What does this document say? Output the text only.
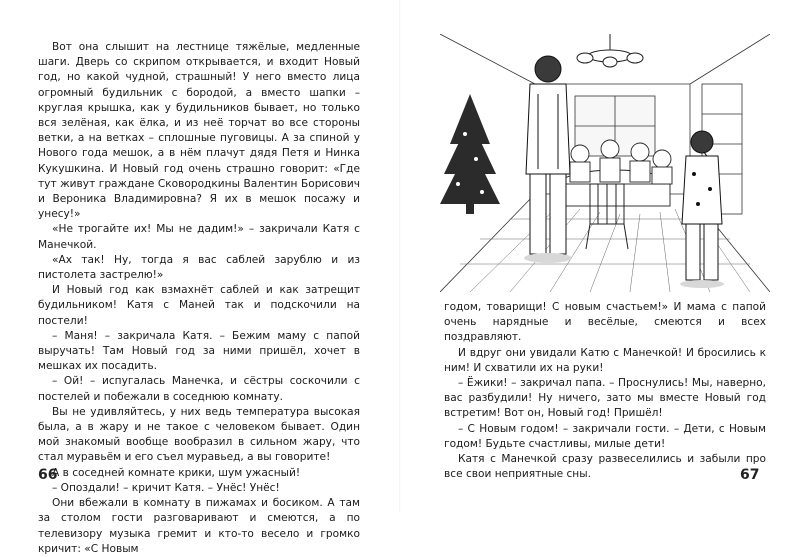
Вот она слышит на лестнице тяжёлые, медленные шаги. Дверь со скрипом открывается, и входит Новый год, но какой чудной, страшный! У него вместо лица огромный будильник с бородой, а вместо шапки – круглая крышка, как у будильников бывает, но только вся зелёная, как ёлка, и из неё торчат во все стороны ветки, а на ветках – сплошные пуговицы. А за спиной у Нового года мешок, а в нём плачут дядя Петя и Нинка Кукушкина. И Новый год очень страшно говорит: «Где тут живут граждане Сковородкины Валентин Борисович и Вероника Владимировна? Я их в мешок посажу и унесу!»

«Не трогайте их! Мы не дадим!» – закричали Катя с Манечкой.

«Ах так! Ну, тогда я вас саблей зарублю и из пистолета застрелю!»

И Новый год как взмахнёт саблей и как затрещит будильником! Катя с Маней так и подскочили на постели!

– Маня! – закричала Катя. – Бежим маму с папой выручать! Там Новый год за ними пришёл, хочет в мешках их посадить.

– Ой! – испугалась Манечка, и сёстры соскочили с постелей и побежали в соседнюю комнату.

Вы не удивляйтесь, у них ведь температура высокая была, а в жару и не такое с человеком бывает. Один мой знакомый вообще вообразил в сильном жару, что стал муравьём и его съел муравьед, а вы говорите!

А в соседней комнате крики, шум ужасный!

– Опоздали! – кричит Катя. – Унёс! Унёс!

Они вбежали в комнату в пижамах и босиком. А там за столом гости разговаривают и смеются, а по телевизору музыка гремит и кто-то весело и громко кричит: «С Новым

66

годом, товарищи! С новым счастьем!» И мама с папой очень нарядные и весёлые, смеются и всех поздравляют.

И вдруг они увидали Катю с Манечкой! И бросились к ним! И схватили их на руки!

– Ёжики! – закричал папа. – Проснулись! Мы, наверно, вас разбудили! Ну ничего, зато мы вместе Новый год встретим! Вот он, Новый год! Пришёл!

– С Новым годом! – закричали гости. – Дети, с Новым годом! Будьте счастливы, милые дети!

Катя с Манечкой сразу развеселились и забыли про все свои неприятные сны.	67
